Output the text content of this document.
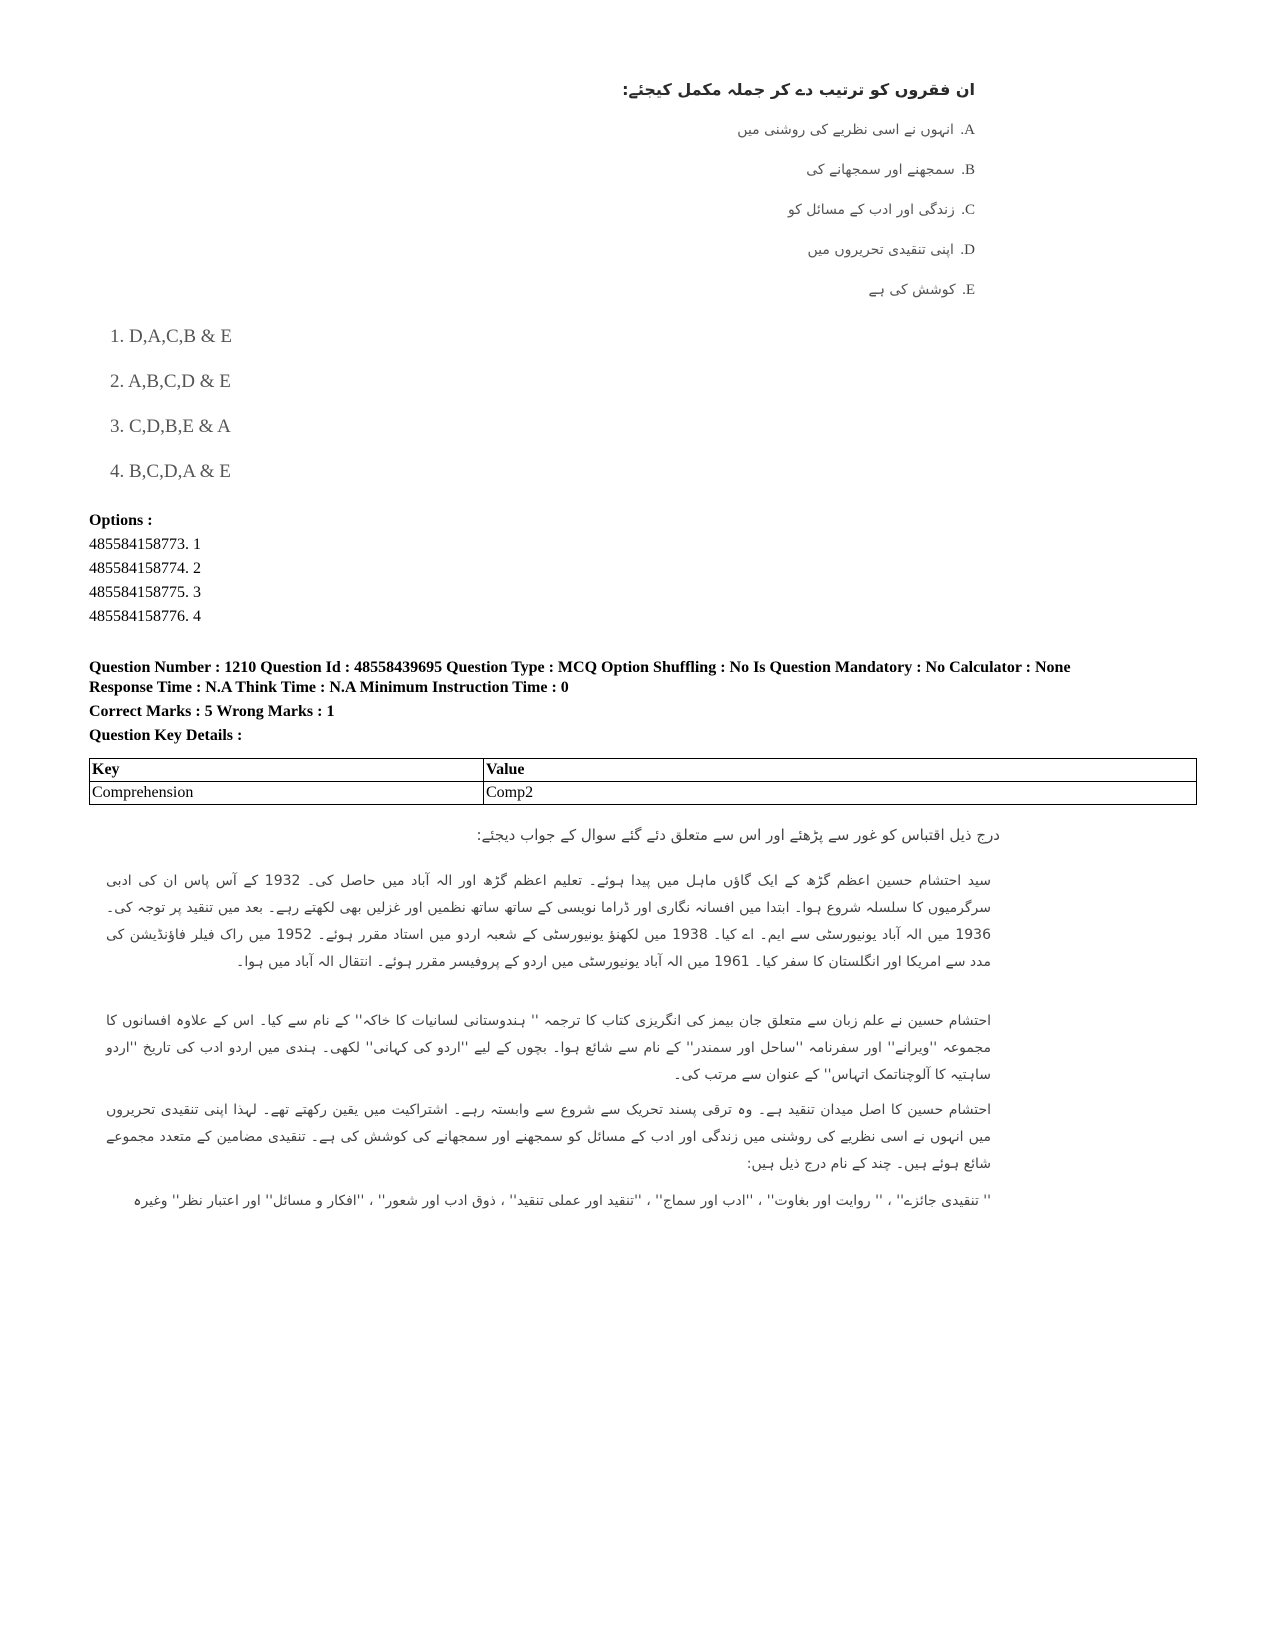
ان فقروں کو ترتیب دے کر جملہ مکمل کیجئے:
A. انہوں نے اسی نظریے کی روشنی میں
B. سمجھنے اور سمجھانے کی
C. زندگی اور ادب کے مسائل کو
D. اپنی تنقیدی تحریروں میں
E. کوشش کی ہے
1. D,A,C,B & E
2. A,B,C,D & E
3. C,D,B,E & A
4. B,C,D,A & E
Options :
485584158773. 1
485584158774. 2
485584158775. 3
485584158776. 4
Question Number : 1210 Question Id : 48558439695 Question Type : MCQ Option Shuffling : No Is Question Mandatory : No Calculator : None
Response Time : N.A Think Time : N.A Minimum Instruction Time : 0
Correct Marks : 5 Wrong Marks : 1
Question Key Details :
Key	Value
Comprehension	Comp2
درج ذیل اقتباس کو غور سے پڑھئے اور اس سے متعلق دئے گئے سوال کے جواب دیجئے:
سید احتشام حسین اعظم گڑھ کے ایک گاؤں ماہل میں پیدا ہوئے۔ تعلیم اعظم گڑھ اور الہ آباد میں حاصل کی۔ 1932 کے آس پاس ان کی ادبی سرگرمیوں کا سلسلہ شروع ہوا۔ ابتدا میں افسانہ نگاری اور ڈراما نویسی کے ساتھ ساتھ نظمیں اور غزلیں بھی لکھتے رہے۔ بعد میں تنقید پر توجہ کی۔ 1936 میں الہ آباد یونیورسٹی سے ایم۔ اے کیا۔ 1938 میں لکھنؤ یونیورسٹی کے شعبہ اردو میں استاد مقرر ہوئے۔ 1952 میں راک فیلر فاؤنڈیشن کی مدد سے امریکا اور انگلستان کا سفر کیا۔ 1961 میں الہ آباد یونیورسٹی میں اردو کے پروفیسر مقرر ہوئے۔ انتقال الہ آباد میں ہوا۔
احتشام حسین نے علم زبان سے متعلق جان بیمز کی انگریزی کتاب کا ترجمہ '' ہندوستانی لسانیات کا خاکہ'' کے نام سے کیا۔ اس کے علاوہ افسانوں کا مجموعہ ''ویرانے'' اور سفرنامہ ''ساحل اور سمندر'' کے نام سے شائع ہوا۔ بچوں کے لیے ''اردو کی کہانی'' لکھی۔ ہندی میں اردو ادب کی تاریخ ''اردو ساہتیہ کا آلوچناتمک اتہاس'' کے عنوان سے مرتب کی۔
احتشام حسین کا اصل میدان تنقید ہے۔ وہ ترقی پسند تحریک سے شروع سے وابستہ رہے۔ اشتراکیت میں یقین رکھتے تھے۔ لہذا اپنی تنقیدی تحریروں میں انہوں نے اسی نظریے کی روشنی میں زندگی اور ادب کے مسائل کو سمجھنے اور سمجھانے کی کوشش کی ہے۔ تنقیدی مضامین کے متعدد مجموعے شائع ہوئے ہیں۔ چند کے نام درج ذیل ہیں:
'' تنقیدی جائزے'' ، '' روایت اور بغاوت'' ، ''ادب اور سماج'' ، ''تنقید اور عملی تنقید'' ، ذوق ادب اور شعور'' ، ''افکار و مسائل'' اور اعتبار نظر'' وغیرہ
